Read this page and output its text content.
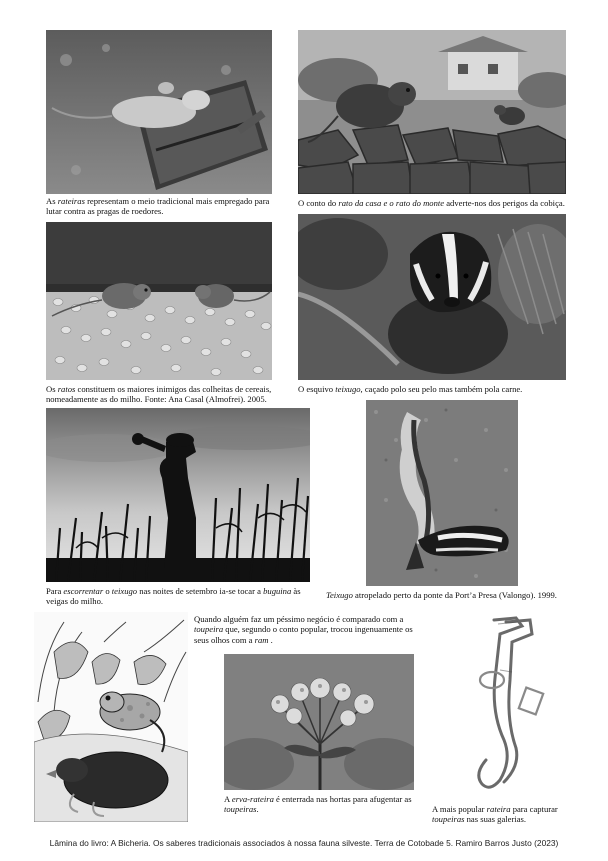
As rateiras representam o meio tradicional mais empregado para lutar contra as pragas de roedores.
O conto do rato da casa e o rato do monte adverte-nos dos perigos da cobiça.
Os ratos constituem os maiores inimigos das colheitas de cereais, nomeadamente as do milho. Fonte: Ana Casal (Almofrei). 2005.
O esquivo teixugo, caçado polo seu pelo mas também pola carne.
Para escorrentar o teixugo nas noites de setembro ia-se tocar a buguina às veigas do milho.
Teixugo atropelado perto da ponte da Port’a Presa (Valongo). 1999.
Quando alguém faz um péssimo negócio é comparado com a toupeira que, segundo o conto popular, trocou ingenuamente os seus olhos com a ram .
A erva-rateira é enterrada nas hortas para afugentar as toupeiras.	A mais popular rateira para capturar toupeiras nas suas galerias.
Lâmina do livro: A Bicheria. Os saberes tradicionais associados à nossa fauna silveste. Terra de Cotobade 5. Ramiro Barros Justo (2023)
